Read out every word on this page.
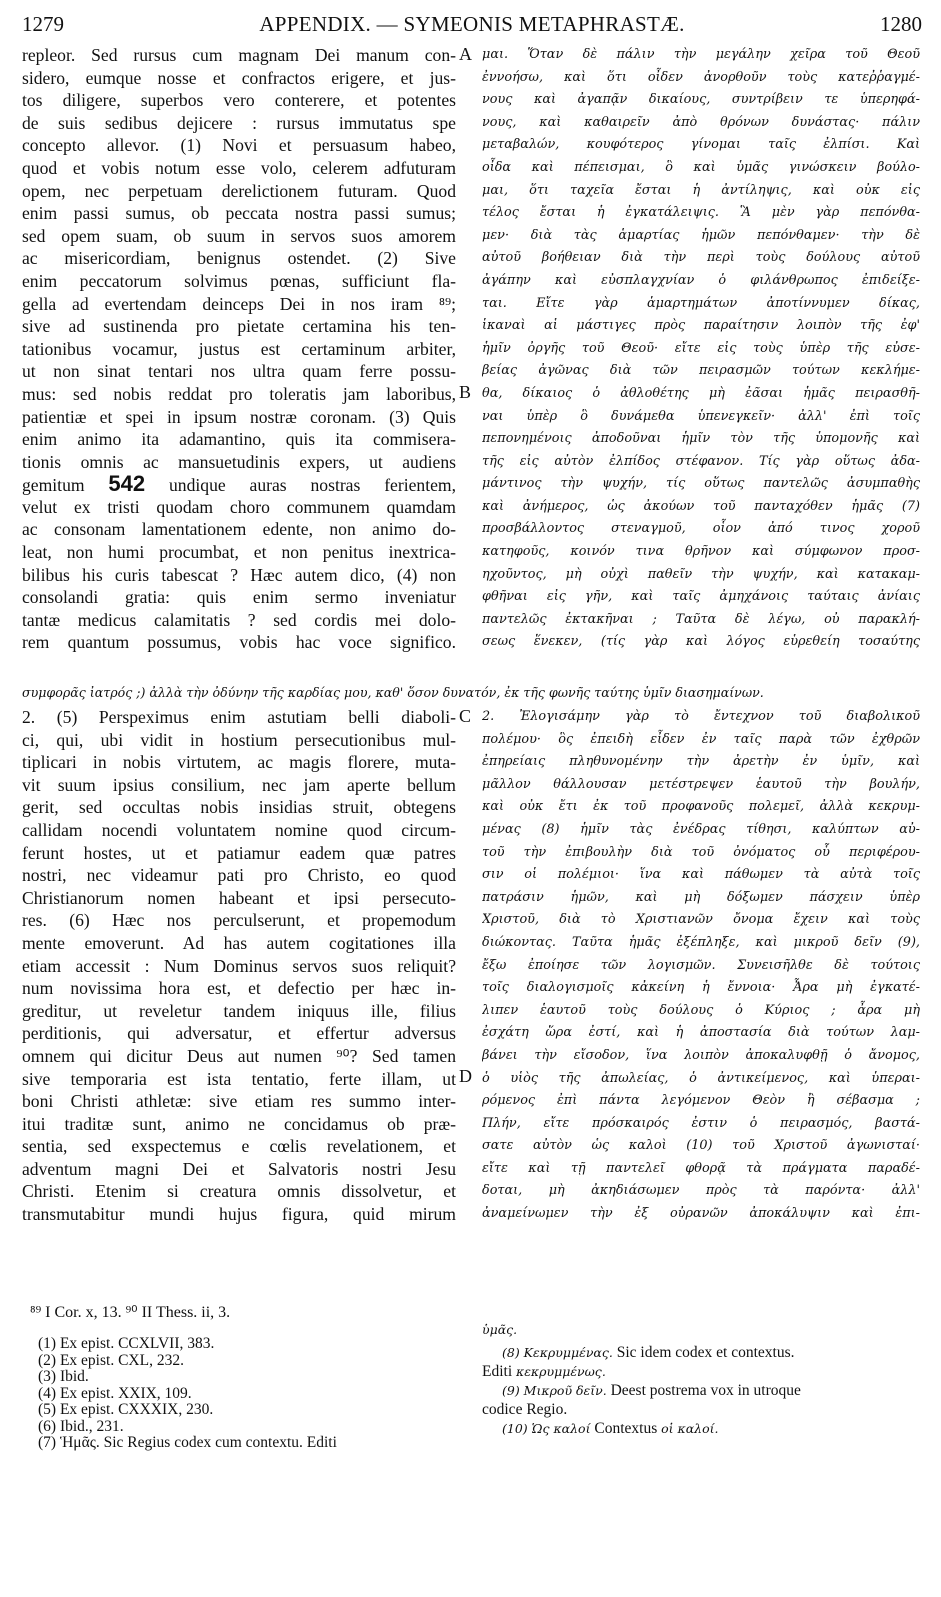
APPENDIX. — SYMEONIS METAPHRASTÆ.
1279	1280
A
B
C
D
repleor. Sed rursus cum magnam Dei manum con-
sidero, eumque nosse et confractos erigere, et jus-
tos diligere, superbos vero conterere, et potentes
de suis sedibus dejicere : rursus immutatus spe
concepto allevor. (1) Novi et persuasum habeo,
quod et vobis notum esse volo, celerem adfuturam
opem, nec perpetuam derelictionem futuram. Quod
enim passi sumus, ob peccata nostra passi sumus;
sed opem suam, ob suum in servos suos amorem
ac misericordiam, benignus ostendet. (2) Sive
enim peccatorum solvimus pœnas, sufficiunt fla-
gella ad evertendam deinceps Dei in nos iram ⁸⁹;
sive ad sustinenda pro pietate certamina his ten-
tationibus vocamur, justus est certaminum arbiter,
ut non sinat tentari nos ultra quam ferre possu-
mus: sed nobis reddat pro toleratis jam laboribus,
patientiæ et spei in ipsum nostræ coronam. (3) Quis
enim animo ita adamantino, quis ita commisera-
tionis omnis ac mansuetudinis expers, ut audiens
gemitum 542 undique auras nostras ferientem,
velut ex tristi quodam choro communem quamdam
ac consonam lamentationem edente, non animo do-
leat, non humi procumbat, et non penitus inextrica-
bilibus his curis tabescat ? Hæc autem dico, (4) non
consolandi gratia: quis enim sermo inveniatur
tantæ medicus calamitatis ? sed cordis mei dolo-
rem quantum possumus, vobis hac voce significo.
μαι. Ὅταν δὲ πάλιν τὴν μεγάλην χεῖρα τοῦ Θεοῦ
ἐννοήσω, καὶ ὅτι οἶδεν ἀνορθοῦν τοὺς κατεῤῥαγμέ-
νους καὶ ἀγαπᾷν δικαίους, συντρίβειν τε ὑπερηφά-
νους, καὶ καθαιρεῖν ἀπὸ θρόνων δυνάστας· πάλιν
μεταβαλών, κουφότερος γίνομαι ταῖς ἐλπίσι. Καὶ
οἶδα καὶ πέπεισμαι, ὃ καὶ ὑμᾶς γινώσκειν βούλο-
μαι, ὅτι ταχεῖα ἔσται ἡ ἀντίληψις, καὶ οὐκ εἰς
τέλος ἔσται ἡ ἐγκατάλειψις. Ἃ μὲν γὰρ πεπόνθα-
μεν· διὰ τὰς ἁμαρτίας ἡμῶν πεπόνθαμεν· τὴν δὲ
αὐτοῦ βοήθειαν διὰ τὴν περὶ τοὺς δούλους αὐτοῦ
ἀγάπην καὶ εὐσπλαγχνίαν ὁ φιλάνθρωπος ἐπιδείξε-
ται. Εἴτε γὰρ ἁμαρτημάτων ἀποτίννυμεν δίκας,
ἱκαναὶ αἱ μάστιγες πρὸς παραίτησιν λοιπὸν τῆς ἐφ'
ἡμῖν ὀργῆς τοῦ Θεοῦ· εἴτε εἰς τοὺς ὑπὲρ τῆς εὐσε-
βείας ἀγῶνας διὰ τῶν πειρασμῶν τούτων κεκλήμε-
θα, δίκαιος ὁ ἀθλοθέτης μὴ ἐᾶσαι ἡμᾶς πειρασθῆ-
ναι ὑπὲρ ὃ δυνάμεθα ὑπενεγκεῖν· ἀλλ' ἐπὶ τοῖς
πεπονημένοις ἀποδοῦναι ἡμῖν τὸν τῆς ὑπομονῆς καὶ
τῆς εἰς αὐτὸν ἐλπίδος στέφανον. Τίς γὰρ οὕτως ἀδα-
μάντινος τὴν ψυχήν, τίς οὕτως παντελῶς ἀσυμπαθὴς
καὶ ἀνήμερος, ὡς ἀκούων τοῦ πανταχόθεν ἡμᾶς (7)
προσβάλλοντος στεναγμοῦ, οἷον ἀπό τινος χοροῦ
κατηφοῦς, κοινόν τινα θρῆνον καὶ σύμφωνον προσ-
ηχοῦντος, μὴ οὐχὶ παθεῖν τὴν ψυχήν, καὶ κατακαμ-
φθῆναι εἰς γῆν, καὶ ταῖς ἀμηχάνοις ταύταις ἀνίαις
παντελῶς ἐκτακῆναι ; Ταῦτα δὲ λέγω, οὐ παρακλή-
σεως ἕνεκεν, (τίς γὰρ καὶ λόγος εὑρεθείη τοσαύτης
συμφορᾶς ἰατρός ;) ἀλλὰ τὴν ὀδύνην τῆς καρδίας μου, καθ' ὅσον δυνατόν, ἐκ τῆς φωνῆς ταύτης ὑμῖν διασημαίνων.
2. (5) Perspeximus enim astutiam belli diaboli-
ci, qui, ubi vidit in hostium persecutionibus mul-
tiplicari in nobis virtutem, ac magis florere, muta-
vit suum ipsius consilium, nec jam aperte bellum
gerit, sed occultas nobis insidias struit, obtegens
callidam nocendi voluntatem nomine quod circum-
ferunt hostes, ut et patiamur eadem quæ patres
nostri, nec videamur pati pro Christo, eo quod
Christianorum nomen habeant et ipsi persecuto-
res. (6) Hæc nos perculserunt, et propemodum
mente emoverunt. Ad has autem cogitationes illa
etiam accessit : Num Dominus servos suos reliquit?
num novissima hora est, et defectio per hæc in-
greditur, ut reveletur tandem iniquus ille, filius
perditionis, qui adversatur, et effertur adversus
omnem qui dicitur Deus aut numen ⁹⁰? Sed tamen
sive temporaria est ista tentatio, ferte illam, ut
boni Christi athletæ: sive etiam res summo inter-
itui traditæ sunt, animo ne concidamus ob præ-
sentia, sed exspectemus e cœlis revelationem, et
adventum magni Dei et Salvatoris nostri Jesu
Christi. Etenim si creatura omnis dissolvetur, et
transmutabitur mundi hujus figura, quid mirum
2. Ἐλογισάμην γὰρ τὸ ἔντεχνον τοῦ διαβολικοῦ
πολέμου· ὃς ἐπειδὴ εἶδεν ἐν ταῖς παρὰ τῶν ἐχθρῶν
ἐπηρείαις πληθυνομένην τὴν ἀρετὴν ἐν ὑμῖν, καὶ
μᾶλλον θάλλουσαν μετέστρεψεν ἑαυτοῦ τὴν βουλήν,
καὶ οὐκ ἔτι ἐκ τοῦ προφανοῦς πολεμεῖ, ἀλλὰ κεκρυμ-
μένας (8) ἡμῖν τὰς ἐνέδρας τίθησι, καλύπτων αὐ-
τοῦ τὴν ἐπιβουλὴν διὰ τοῦ ὀνόματος οὗ περιφέρου-
σιν οἱ πολέμιοι· ἵνα καὶ πάθωμεν τὰ αὐτὰ τοῖς
πατράσιν ἡμῶν, καὶ μὴ δόξωμεν πάσχειν ὑπὲρ
Χριστοῦ, διὰ τὸ Χριστιανῶν ὄνομα ἔχειν καὶ τοὺς
διώκοντας. Ταῦτα ἡμᾶς ἐξέπληξε, καὶ μικροῦ δεῖν (9),
ἔξω ἐποίησε τῶν λογισμῶν. Συνεισῆλθε δὲ τούτοις
τοῖς διαλογισμοῖς κἀκείνη ἡ ἔννοια· Ἆρα μὴ ἐγκατέ-
λιπεν ἑαυτοῦ τοὺς δούλους ὁ Κύριος ; ἆρα μὴ
ἐσχάτη ὥρα ἐστί, καὶ ἡ ἀποστασία διὰ τούτων λαμ-
βάνει τὴν εἴσοδον, ἵνα λοιπὸν ἀποκαλυφθῇ ὁ ἄνομος,
ὁ υἱὸς τῆς ἀπωλείας, ὁ ἀντικείμενος, καὶ ὑπεραι-
ρόμενος ἐπὶ πάντα λεγόμενον Θεὸν ἢ σέβασμα ;
Πλήν, εἴτε πρόσκαιρός ἐστιν ὁ πειρασμός, βαστά-
σατε αὐτὸν ὡς καλοὶ (10) τοῦ Χριστοῦ ἀγωνισταί·
εἴτε καὶ τῇ παντελεῖ φθορᾷ τὰ πράγματα παραδέ-
δοται, μὴ ἀκηδιάσωμεν πρὸς τὰ παρόντα· ἀλλ'
ἀναμείνωμεν τὴν ἐξ οὐρανῶν ἀποκάλυψιν καὶ ἐπι-
⁸⁹ I Cor. x, 13. ⁹⁰ II Thess. ii, 3.
(1) Ex epist. CCXLVII, 383.
(2) Ex epist. CXL, 232.
(3) Ibid.
(4) Ex epist. XXIX, 109.
(5) Ex epist. CXXXIX, 230.
(6) Ibid., 231.
(7) Ἡμᾶς. Sic Regius codex cum contextu. Editi
ὑμᾶς.
(8) Κεκρυμμένας. Sic idem codex et contextus.
Editi κεκρυμμένως.
(9) Μικροῦ δεῖν. Deest postrema vox in utroque
codice Regio.
(10) Ὡς καλοί Contextus οἱ καλοί.
